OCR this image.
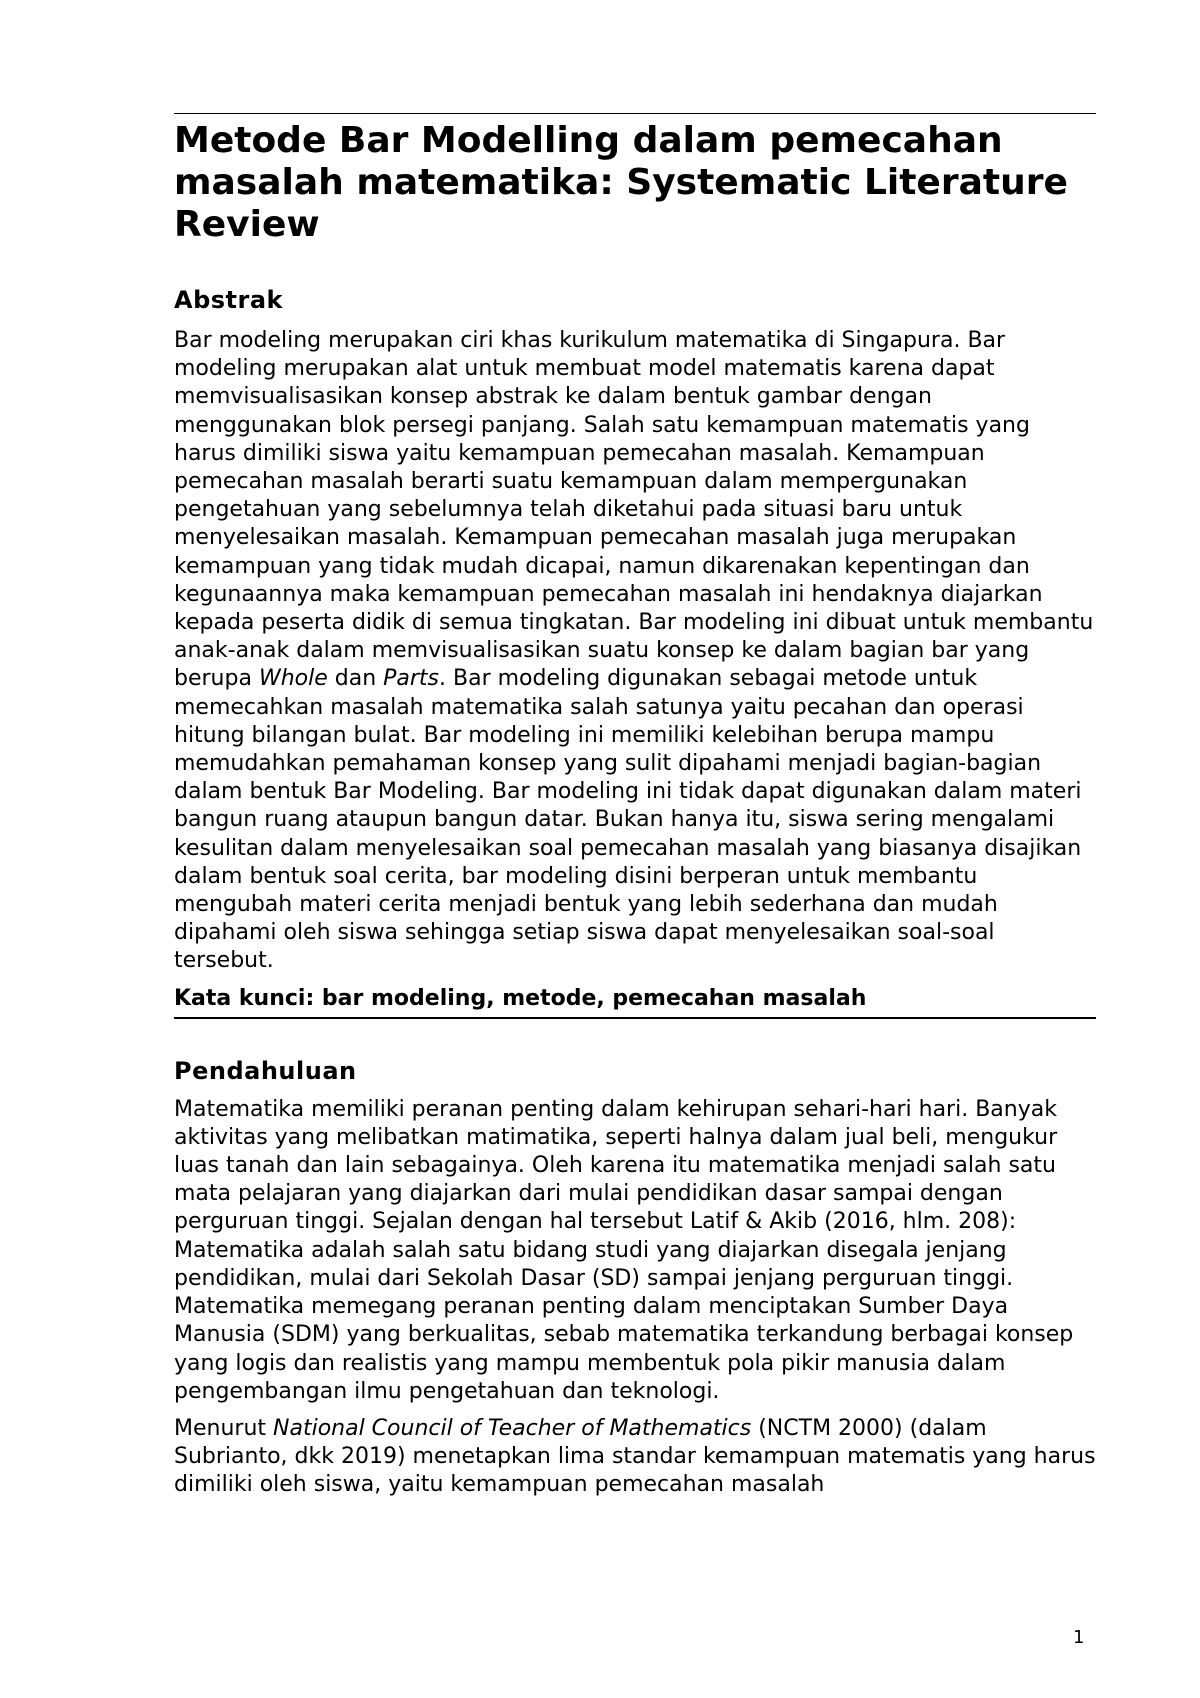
Metode Bar Modelling dalam pemecahan masalah matematika: Systematic Literature Review
Abstrak

Bar modeling merupakan ciri khas kurikulum matematika di Singapura. Bar modeling merupakan alat untuk membuat model matematis karena dapat memvisualisasikan konsep abstrak ke dalam bentuk gambar dengan menggunakan blok persegi panjang. Salah satu kemampuan matematis yang harus dimiliki siswa yaitu kemampuan pemecahan masalah. Kemampuan pemecahan masalah berarti suatu kemampuan dalam mempergunakan pengetahuan yang sebelumnya telah diketahui pada situasi baru untuk menyelesaikan masalah. Kemampuan pemecahan masalah juga merupakan kemampuan yang tidak mudah dicapai, namun dikarenakan kepentingan dan kegunaannya maka kemampuan pemecahan masalah ini hendaknya diajarkan kepada peserta didik di semua tingkatan. Bar modeling ini dibuat untuk membantu anak-anak dalam memvisualisasikan suatu konsep ke dalam bagian bar yang berupa Whole dan Parts. Bar modeling digunakan sebagai metode untuk memecahkan masalah matematika salah satunya yaitu pecahan dan operasi hitung bilangan bulat. Bar modeling ini memiliki kelebihan berupa mampu memudahkan pemahaman konsep yang sulit dipahami menjadi bagian-bagian dalam bentuk Bar Modeling. Bar modeling ini tidak dapat digunakan dalam materi bangun ruang ataupun bangun datar. Bukan hanya itu, siswa sering mengalami kesulitan dalam menyelesaikan soal pemecahan masalah yang biasanya disajikan dalam bentuk soal cerita, bar modeling disini berperan untuk membantu mengubah materi cerita menjadi bentuk yang lebih sederhana dan mudah dipahami oleh siswa sehingga setiap siswa dapat menyelesaikan soal-soal tersebut.

Kata kunci: bar modeling, metode, pemecahan masalah
Pendahuluan

Matematika memiliki peranan penting dalam kehirupan sehari-hari hari. Banyak aktivitas yang melibatkan matimatika, seperti halnya dalam jual beli, mengukur luas tanah dan lain sebagainya. Oleh karena itu matematika menjadi salah satu mata pelajaran yang diajarkan dari mulai pendidikan dasar sampai dengan perguruan tinggi. Sejalan dengan hal tersebut Latif & Akib (2016, hlm. 208): Matematika adalah salah satu bidang studi yang diajarkan disegala jenjang pendidikan, mulai dari Sekolah Dasar (SD) sampai jenjang perguruan tinggi. Matematika memegang peranan penting dalam menciptakan Sumber Daya Manusia (SDM) yang berkualitas, sebab matematika terkandung berbagai konsep yang logis dan realistis yang mampu membentuk pola pikir manusia dalam pengembangan ilmu pengetahuan dan teknologi.

Menurut National Council of Teacher of Mathematics (NCTM 2000) (dalam Subrianto, dkk 2019) menetapkan lima standar kemampuan matematis yang harus dimiliki oleh siswa, yaitu kemampuan pemecahan masalah

1
